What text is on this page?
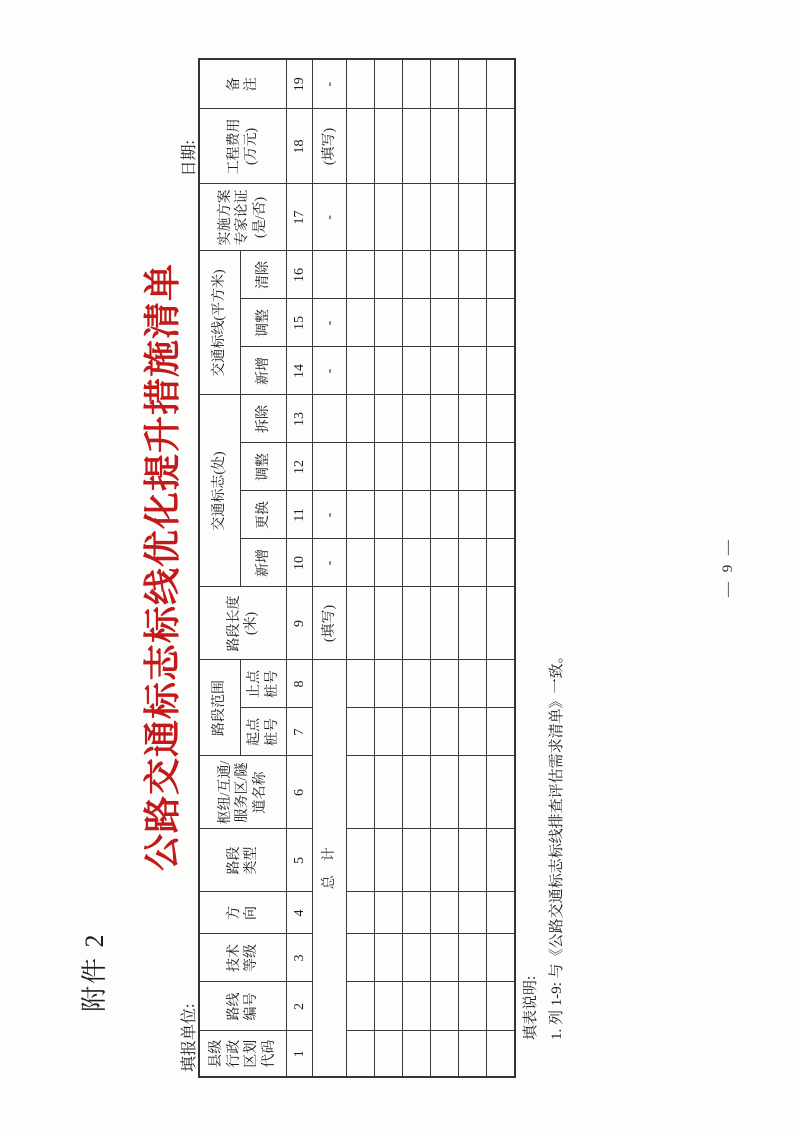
附件 2
公路交通标志标线优化提升措施清单
填报单位:
日期:
县级 行政 区划 代码	路线 编号	技术 等级	方 向	路段 类型	枢纽/互通/ 服务区/隧 道名称	路段范围		路段长度 (米)	交通标志(处)				交通标线(平方米)			实施方案 专家论证 (是/否)	工程费用 (万元)	备 注
						起点 桩号	止点 桩号		新增	更换	调整	拆除	新增	调整	清除			
1	2	3	4	5	6	7	8	9	10	11	12	13	14	15	16	17	18	19
总　计								(填写)	-	-			-	-		-	(填写)	-

填表说明: 1. 列 1-9: 与《公路交通标志标线排查评估需求清单》一致。
— 9 —
